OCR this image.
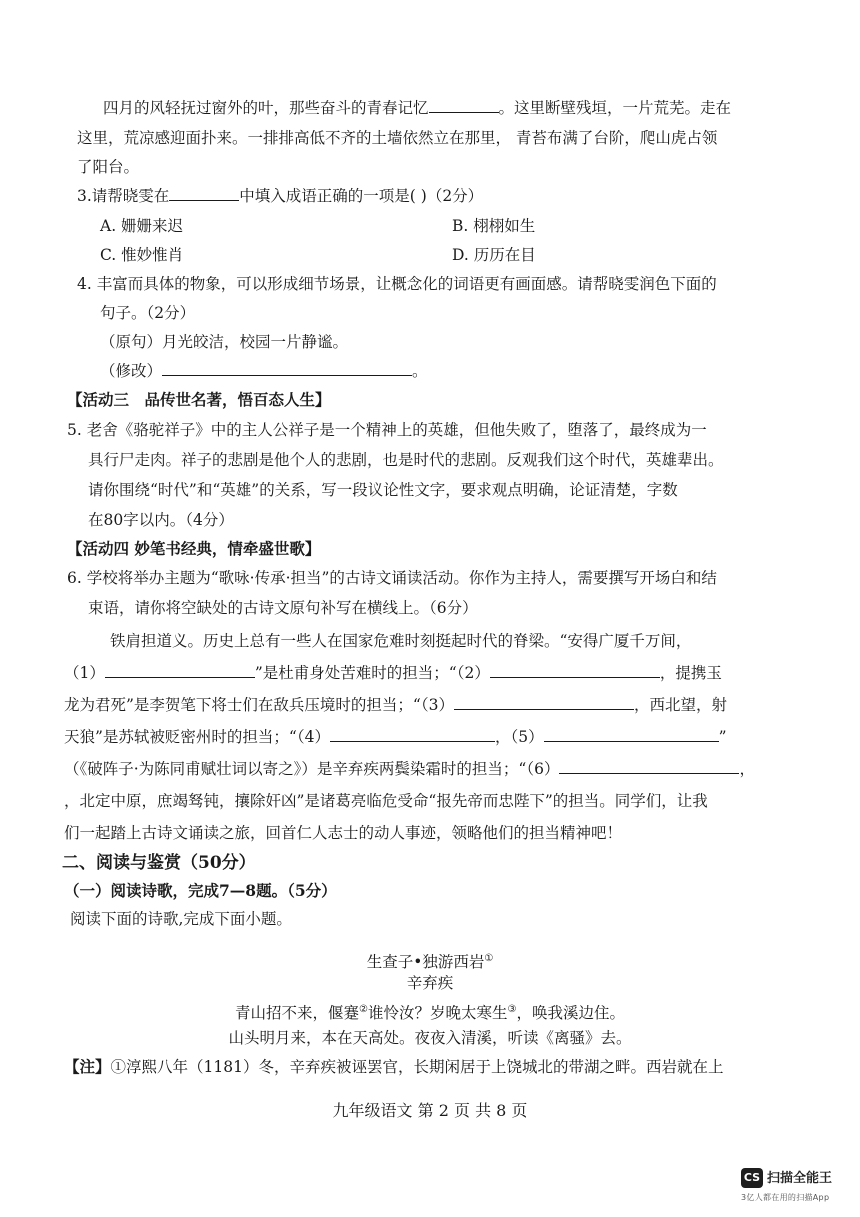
四月的风轻抚过窗外的叶，那些奋斗的青春记忆	。这里断壁残垣，一片荒芜。走在
这里，荒凉感迎面扑来。一排排高低不齐的土墙依然立在那里， 青苔布满了台阶，爬山虎占领
了阳台。
3.请帮晓雯在	中填入成语正确的一项是( )（2分）
A. 姗姗来迟	B. 栩栩如生
C. 惟妙惟肖	D. 历历在目
4. 丰富而具体的物象，可以形成细节场景，让概念化的词语更有画面感。请帮晓雯润色下面的
句子。（2分）
（原句）月光皎洁，校园一片静谧。
（修改）	。
【活动三　品传世名著，悟百态人生】
5. 老舍《骆驼祥子》中的主人公祥子是一个精神上的英雄，但他失败了，堕落了，最终成为一
具行尸走肉。祥子的悲剧是他个人的悲剧，也是时代的悲剧。反观我们这个时代，英雄辈出。
请你围绕“时代”和“英雄”的关系，写一段议论性文字，要求观点明确，论证清楚，字数
在80字以内。（4分）
【活动四 妙笔书经典，情牵盛世歌】
6. 学校将举办主题为“歌咏·传承·担当”的古诗文诵读活动。你作为主持人，需要撰写开场白和结
束语，请你将空缺处的古诗文原句补写在横线上。（6分）
铁肩担道义。历史上总有一些人在国家危难时刻挺起时代的脊梁。“安得广厦千万间，
（1）	”是杜甫身处苦难时的担当；“（2）	，提携玉
龙为君死”是李贺笔下将士们在敌兵压境时的担当；“（3）	，西北望，射
天狼”是苏轼被贬密州时的担当；“（4）	，（5）	”
（《破阵子·为陈同甫赋壮词以寄之》）是辛弃疾两鬓染霜时的担当；“（6）	，
，北定中原，庶竭驽钝，攘除奸凶”是诸葛亮临危受命“报先帝而忠陛下”的担当。同学们，让我
们一起踏上古诗文诵读之旅，回首仁人志士的动人事迹，领略他们的担当精神吧！
二、阅读与鉴赏（50分）
（一）阅读诗歌，完成7—8题。（5分）
阅读下面的诗歌,完成下面小题。
生查子•独游西岩①
辛弃疾
青山招不来，偃蹇②谁怜汝？岁晚太寒生③，唤我溪边住。
山头明月来，本在天高处。夜夜入清溪，听读《离骚》去。
【注】①淳熙八年（1181）冬，辛弃疾被诬罢官，长期闲居于上饶城北的带湖之畔。西岩就在上
九年级语文 第 2 页 共 8 页
CS 扫描全能王
3亿人都在用的扫描App
